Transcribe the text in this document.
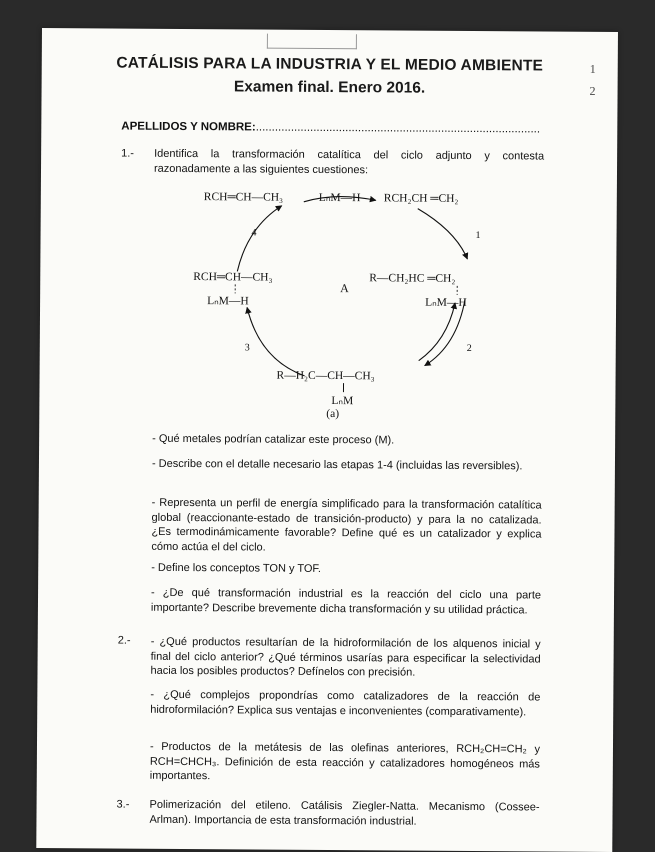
1
2
CATÁLISIS PARA LA INDUSTRIA Y EL MEDIO AMBIENTE
Examen final. Enero 2016.
APELLIDOS Y NOMBRE:.........................................................................................
1.- Identifica la transformación catalítica del ciclo adjunto y contesta razonadamente a las siguientes cuestiones:
RCH═CH—CH₃	LₙM—H RCH₂CH ═CH₂
RCH═CH—CH₃
LₙM—H
A
R—CH₂HC ═CH₂
LₙM—H
R—H₂C—CH—CH₃
LₙM
1
2
3
4
(a)
- Qué metales podrían catalizar este proceso (M).
- Describe con el detalle necesario las etapas 1-4 (incluidas las reversibles).
- Representa un perfil de energía simplificado para la transformación catalítica global (reaccionante-estado de transición-producto) y para la no catalizada. ¿Es termodinámicamente favorable? Define qué es un catalizador y explica cómo actúa el del ciclo.
- Define los conceptos TON y TOF.
- ¿De qué transformación industrial es la reacción del ciclo una parte importante? Describe brevemente dicha transformación y su utilidad práctica.
2.- - ¿Qué productos resultarían de la hidroformilación de los alquenos inicial y final del ciclo anterior? ¿Qué términos usarías para especificar la selectividad hacia los posibles productos? Defínelos con precisión.
- ¿Qué complejos propondrías como catalizadores de la reacción de hidroformilación? Explica sus ventajas e inconvenientes (comparativamente).
- Productos de la metátesis de las olefinas anteriores, RCH₂CH=CH₂ y RCH=CHCH₃. Definición de esta reacción y catalizadores homogéneos más importantes.
3.- Polimerización del etileno. Catálisis Ziegler-Natta. Mecanismo (Cossee-Arlman). Importancia de esta transformación industrial.
